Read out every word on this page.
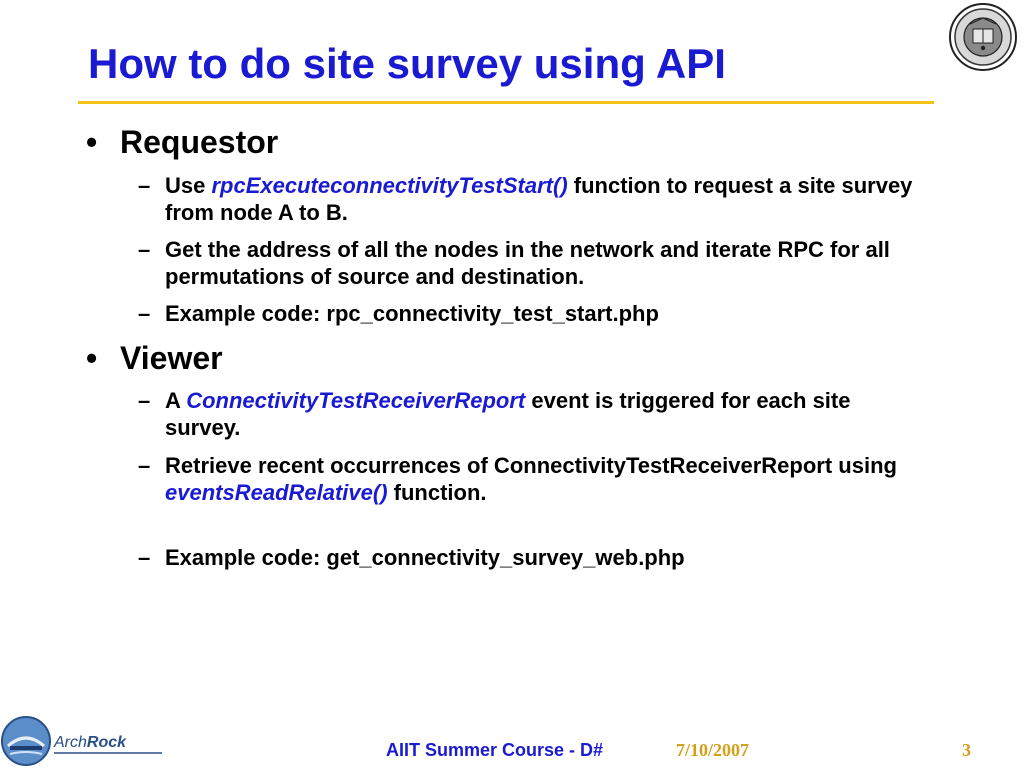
How to do site survey using API
• Requestor
– Use rpcExecuteconnectivityTestStart() function to request a site survey from node A to B.
– Get the address of all the nodes in the network and iterate RPC for all permutations of source and destination.
– Example code: rpc_connectivity_test_start.php
• Viewer
– A ConnectivityTestReceiverReport event is triggered for each site survey.
– Retrieve recent occurrences of ConnectivityTestReceiverReport using eventsReadRelative() function.
– Example code: get_connectivity_survey_web.php
ArchRock	AIIT Summer Course - D#	7/10/2007	3
